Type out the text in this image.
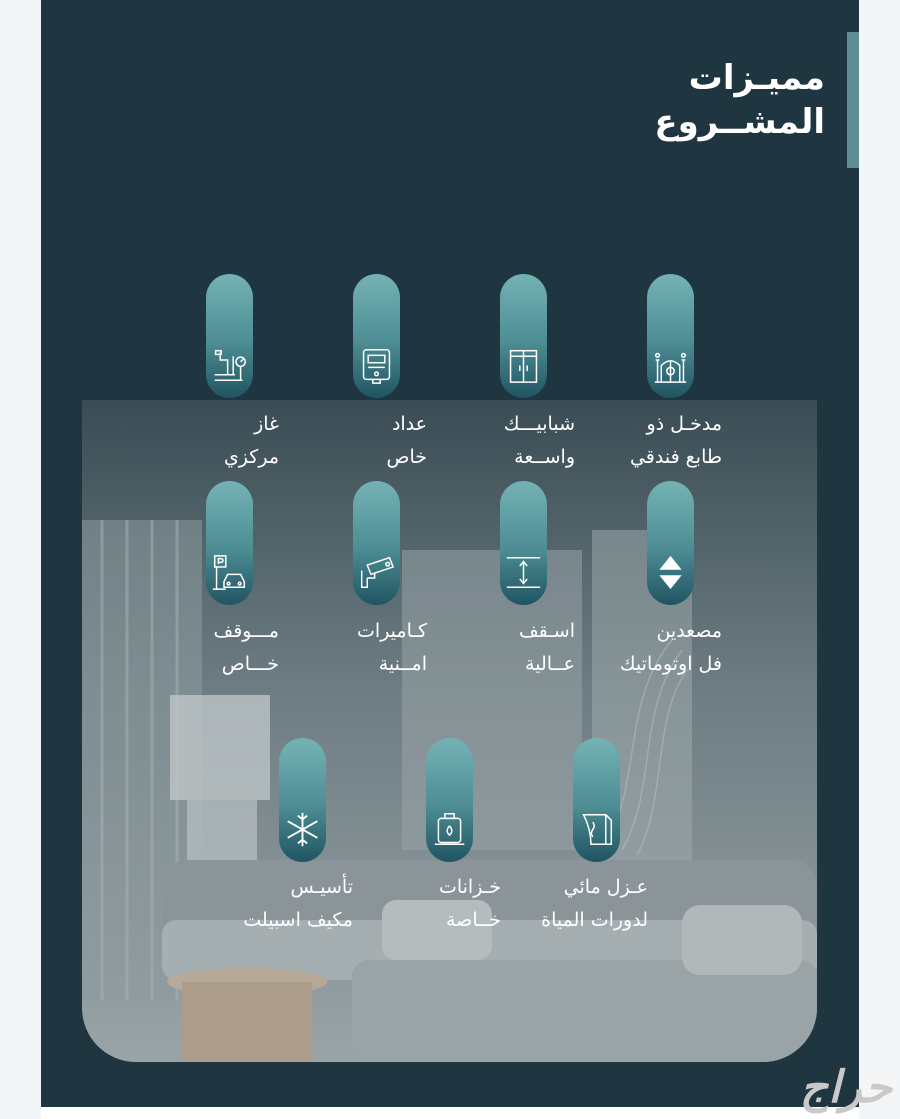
مميـزات
المشــروع
مدخـل ذو
طابع فندقي
شبابيـــك
واســعة
عداد
خاص
غاز
مركزي
مصعدين
فل اوتوماتيك
اسـقف
عــالية
كـاميرات
امــنية
مـــوقف
خـــاص
عـزل مائي
لدورات المياة
خـزانات
خــاصة
تأسيـس
مكيف اسبيلت
حراج
